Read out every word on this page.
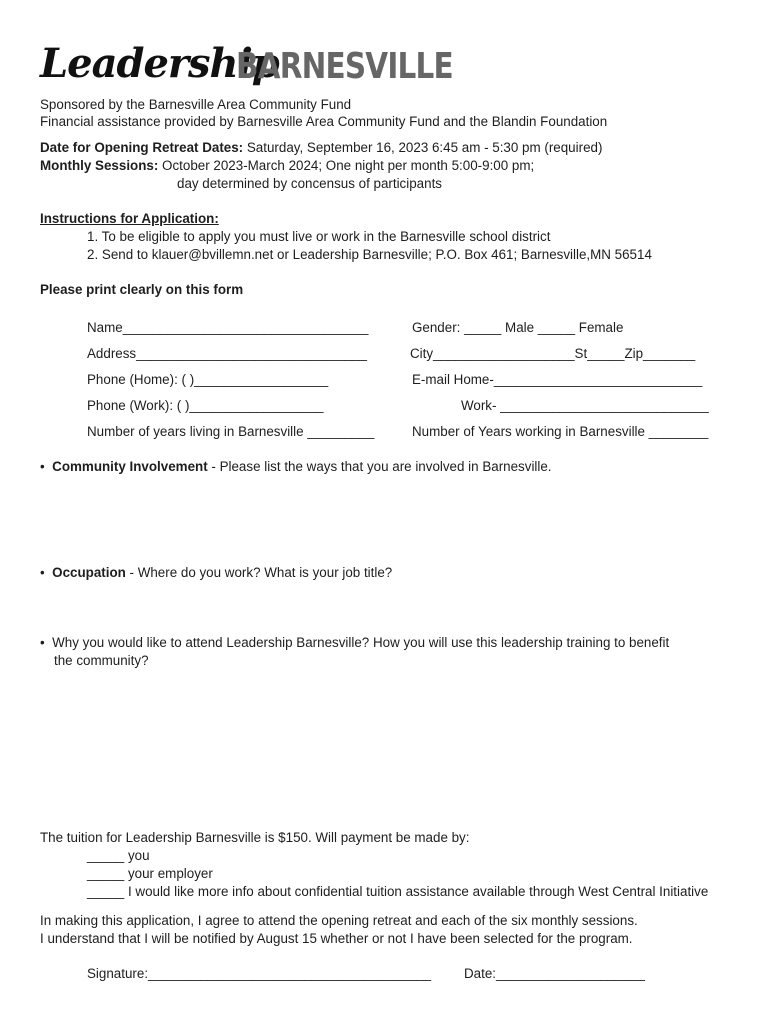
Leadership
BARNESVILLE
Sponsored by the Barnesville Area Community Fund
Financial assistance provided by Barnesville Area Community Fund and the Blandin Foundation
Date for Opening Retreat Dates: Saturday, September 16, 2023 6:45 am - 5:30 pm (required)
Monthly Sessions: October 2023-March 2024; One night per month 5:00-9:00 pm;
day determined by concensus of participants
Instructions for Application:
1. To be eligible to apply you must live or work in the Barnesville school district
2. Send to klauer@bvillemn.net or Leadership Barnesville; P.O. Box 461; Barnesville,MN 56514
Please print clearly on this form
Name_________________________________	Gender: _____ Male _____ Female
Address_______________________________	City___________________St_____Zip_______
Phone (Home): ( )__________________	E-mail Home-____________________________
Phone (Work): ( )__________________	Work- ____________________________
Number of years living in Barnesville _________	Number of Years working in Barnesville ________
• Community Involvement - Please list the ways that you are involved in Barnesville.
• Occupation - Where do you work? What is your job title?
• Why you would like to attend Leadership Barnesville? How you will use this leadership training to benefit
the community?
The tuition for Leadership Barnesville is $150. Will payment be made by:
_____ you
_____ your employer
_____ I would like more info about confidential tuition assistance available through West Central Initiative
In making this application, I agree to attend the opening retreat and each of the six monthly sessions.
I understand that I will be notified by August 15 whether or not I have been selected for the program.
Signature:______________________________________ Date:____________________
